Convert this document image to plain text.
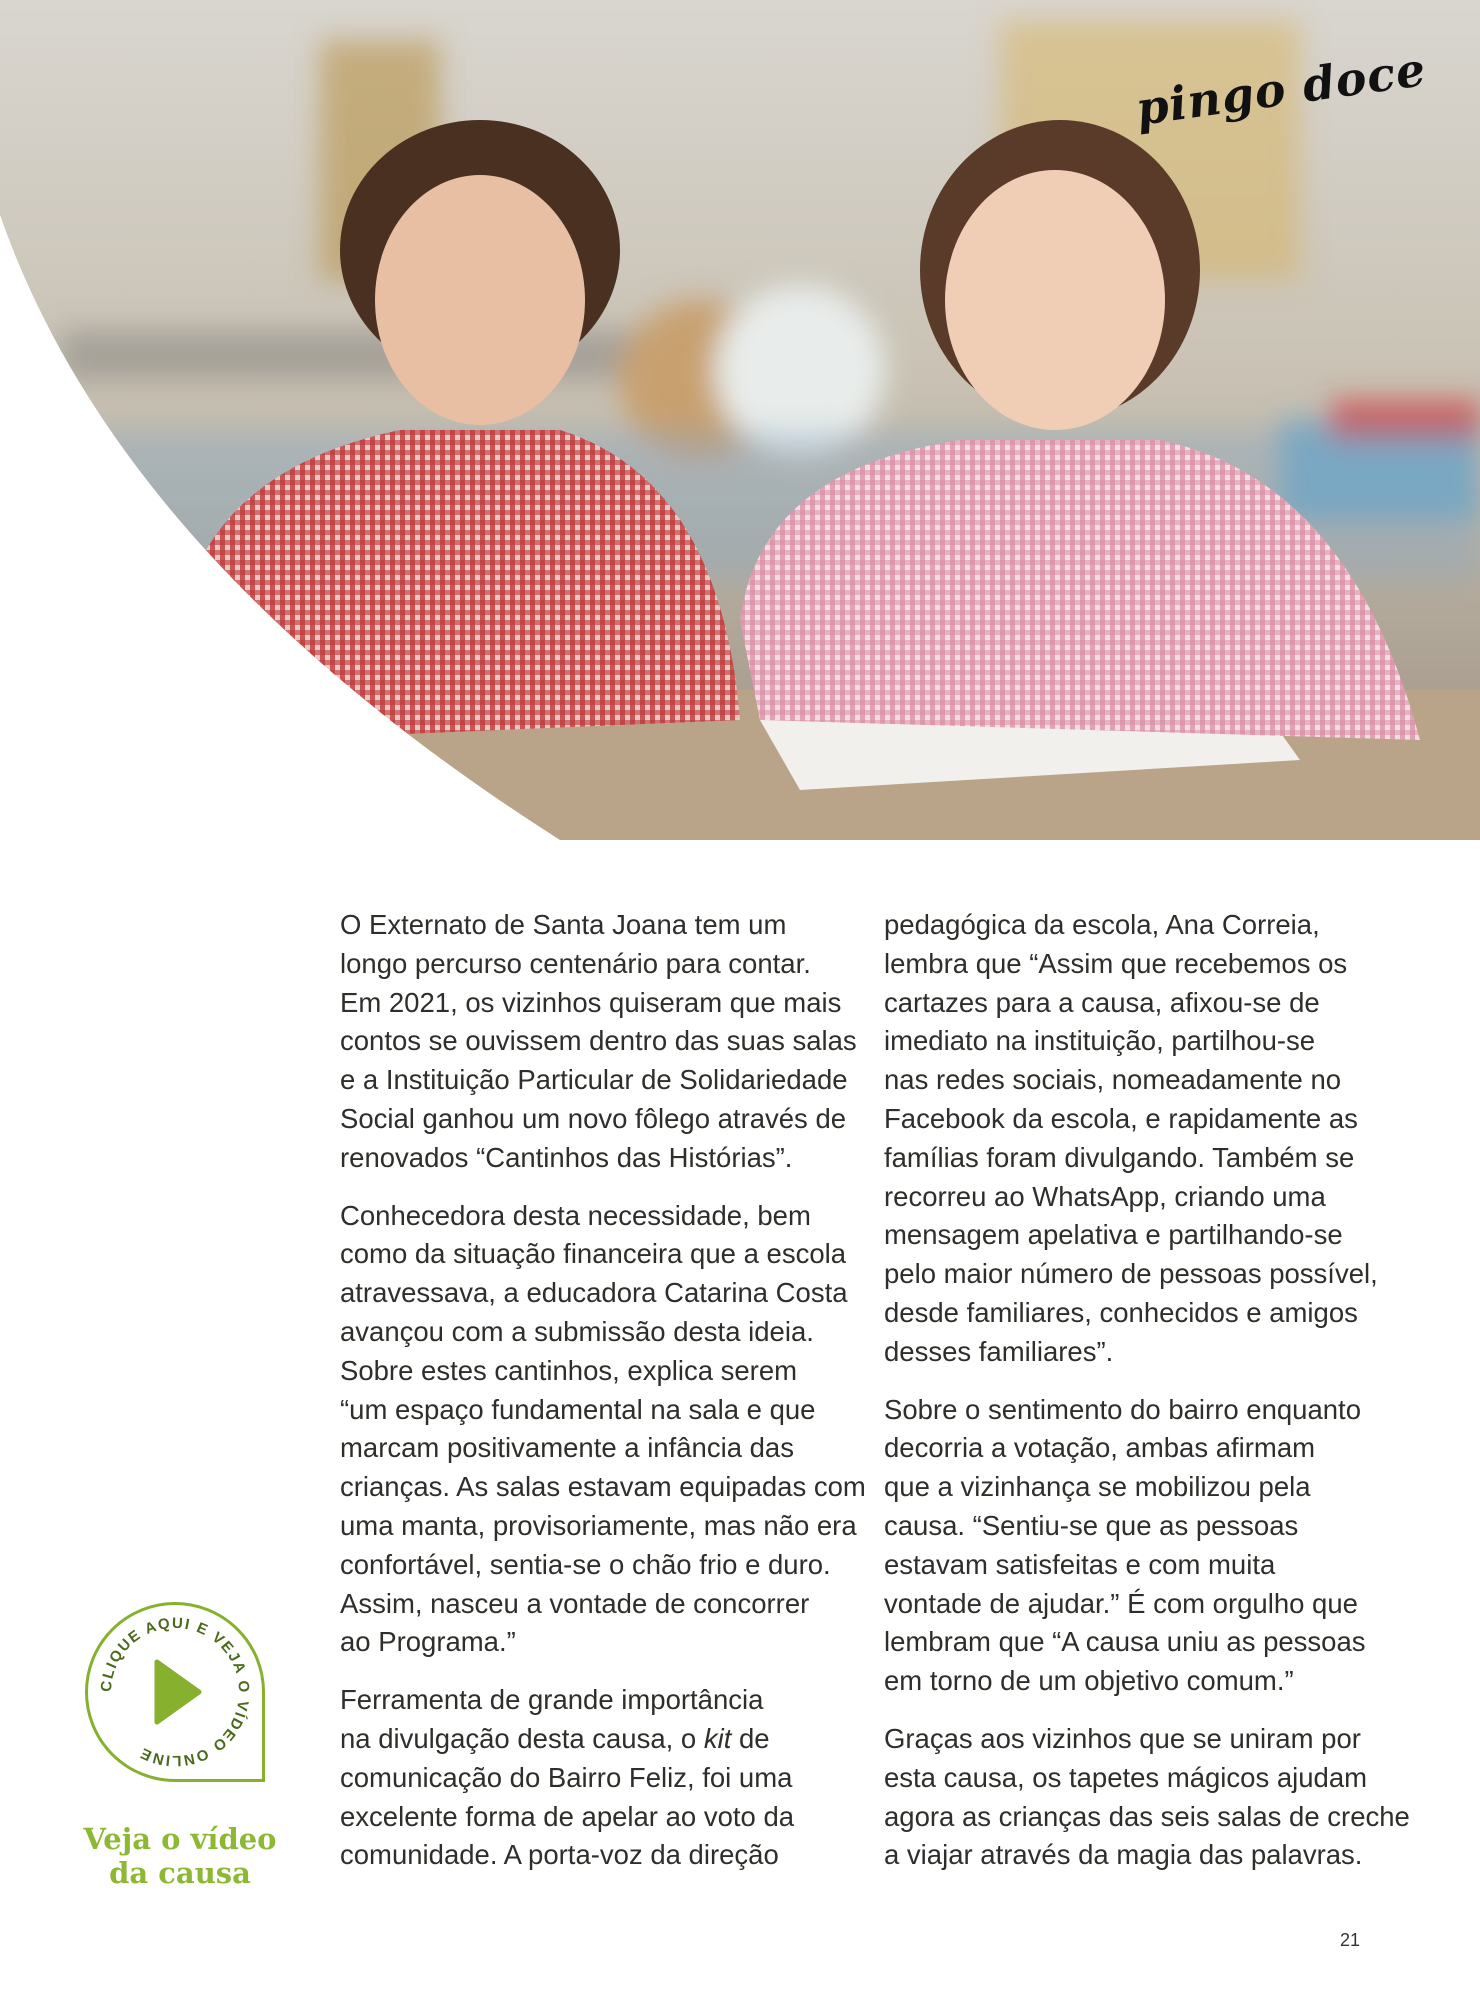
pingo doce
O Externato de Santa Joana tem um
longo percurso centenário para contar.
Em 2021, os vizinhos quiseram que mais
contos se ouvissem dentro das suas salas
e a Instituição Particular de Solidariedade
Social ganhou um novo fôlego através de
renovados “Cantinhos das Histórias”.
Conhecedora desta necessidade, bem
como da situação financeira que a escola
atravessava, a educadora Catarina Costa
avançou com a submissão desta ideia.
Sobre estes cantinhos, explica serem
“um espaço fundamental na sala e que
marcam positivamente a infância das
crianças. As salas estavam equipadas com
uma manta, provisoriamente, mas não era
confortável, sentia-se o chão frio e duro.
Assim, nasceu a vontade de concorrer
ao Programa.”
Ferramenta de grande importância
na divulgação desta causa, o kit de
comunicação do Bairro Feliz, foi uma
excelente forma de apelar ao voto da
comunidade. A porta-voz da direção
pedagógica da escola, Ana Correia,
lembra que “Assim que recebemos os
cartazes para a causa, afixou-se de
imediato na instituição, partilhou-se
nas redes sociais, nomeadamente no
Facebook da escola, e rapidamente as
famílias foram divulgando. Também se
recorreu ao WhatsApp, criando uma
mensagem apelativa e partilhando-se
pelo maior número de pessoas possível,
desde familiares, conhecidos e amigos
desses familiares”.
Sobre o sentimento do bairro enquanto
decorria a votação, ambas afirmam
que a vizinhança se mobilizou pela
causa. “Sentiu-se que as pessoas
estavam satisfeitas e com muita
vontade de ajudar.” É com orgulho que
lembram que “A causa uniu as pessoas
em torno de um objetivo comum.”
Graças aos vizinhos que se uniram por
esta causa, os tapetes mágicos ajudam
agora as crianças das seis salas de creche
a viajar através da magia das palavras.
CLIQUE AQUI E VEJA O VÍDEO ONLINE
Veja o vídeo
da causa
21
